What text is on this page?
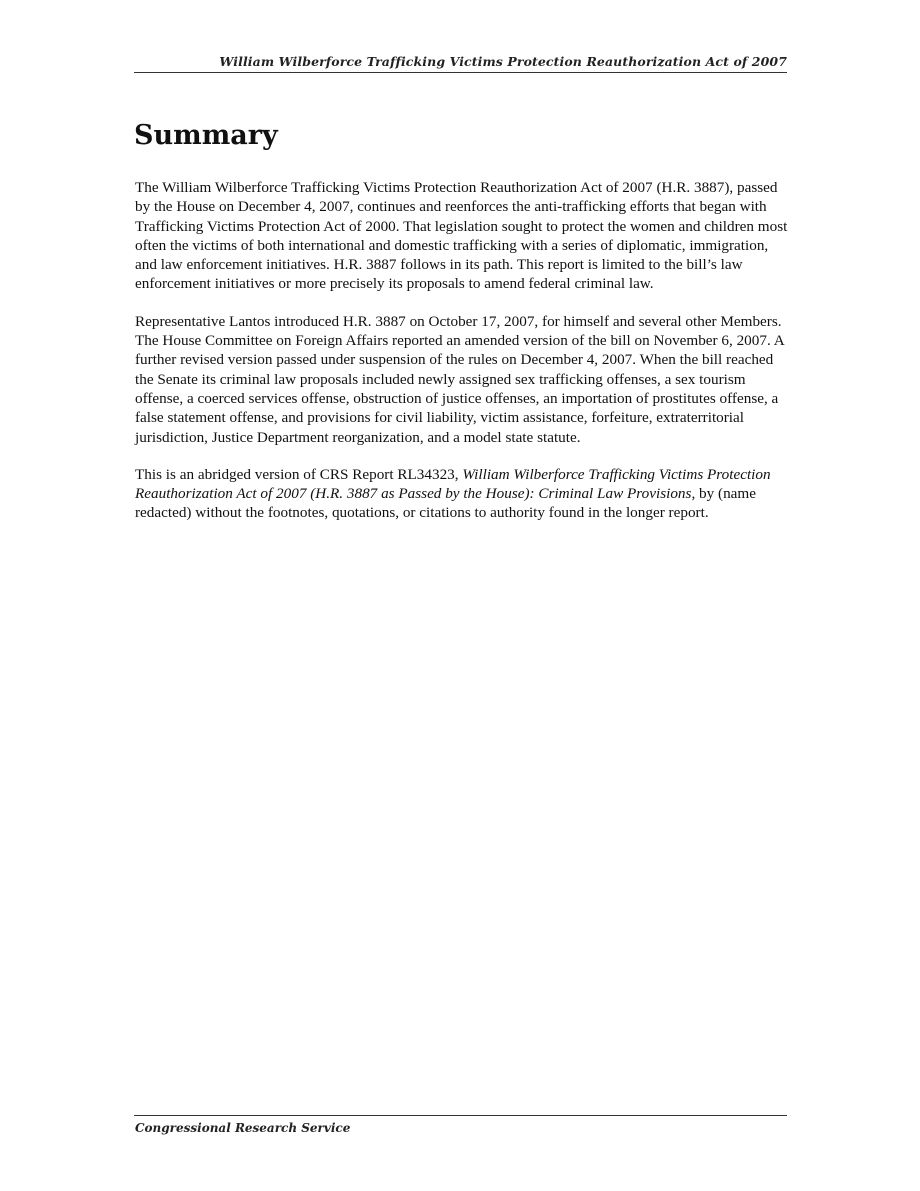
William Wilberforce Trafficking Victims Protection Reauthorization Act of 2007
Summary

The William Wilberforce Trafficking Victims Protection Reauthorization Act of 2007 (H.R. 3887), passed by the House on December 4, 2007, continues and reenforces the anti-trafficking efforts that began with Trafficking Victims Protection Act of 2000. That legislation sought to protect the women and children most often the victims of both international and domestic trafficking with a series of diplomatic, immigration, and law enforcement initiatives. H.R. 3887 follows in its path. This report is limited to the bill’s law enforcement initiatives or more precisely its proposals to amend federal criminal law.

Representative Lantos introduced H.R. 3887 on October 17, 2007, for himself and several other Members. The House Committee on Foreign Affairs reported an amended version of the bill on November 6, 2007. A further revised version passed under suspension of the rules on December 4, 2007. When the bill reached the Senate its criminal law proposals included newly assigned sex trafficking offenses, a sex tourism offense, a coerced services offense, obstruction of justice offenses, an importation of prostitutes offense, a false statement offense, and provisions for civil liability, victim assistance, forfeiture, extraterritorial jurisdiction, Justice Department reorganization, and a model state statute.

This is an abridged version of CRS Report RL34323, William Wilberforce Trafficking Victims Protection Reauthorization Act of 2007 (H.R. 3887 as Passed by the House): Criminal Law Provisions, by (name redacted) without the footnotes, quotations, or citations to authority found in the longer report.

Congressional Research Service
